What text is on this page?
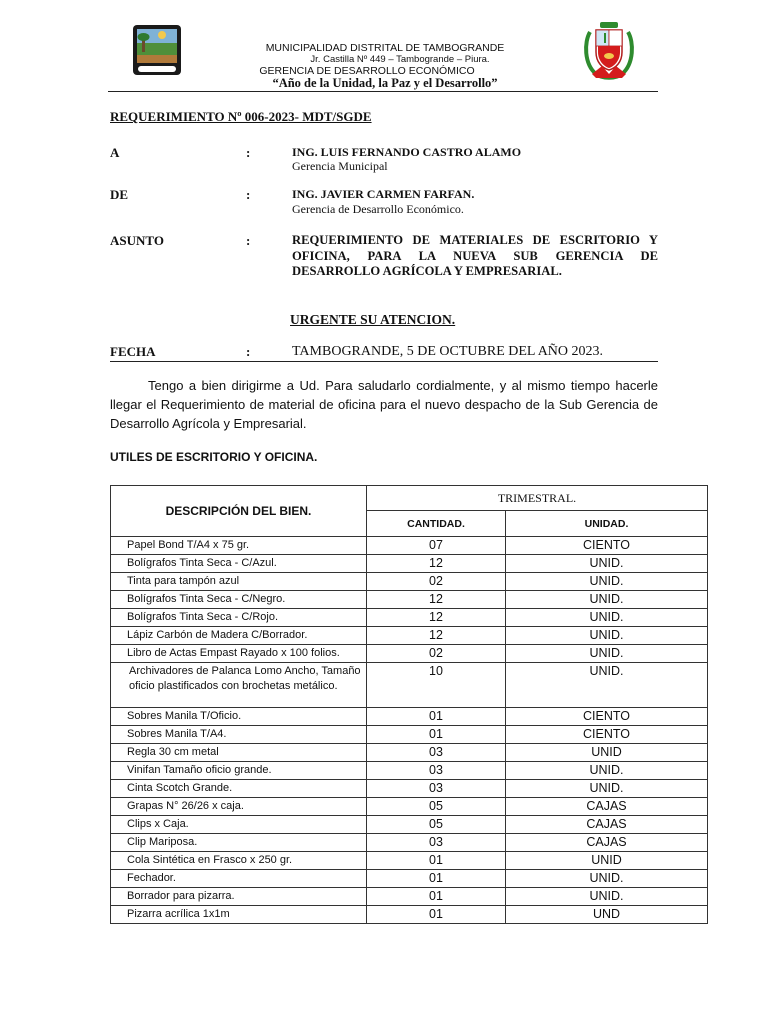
MUNICIPALIDAD DISTRITAL DE TAMBOGRANDE
Jr. Castilla Nº 449 – Tambogrande – Piura.
GERENCIA DE DESARROLLO ECONÓMICO
“Año de la Unidad, la Paz y el Desarrollo”
REQUERIMIENTO Nº 006-2023- MDT/SGDE
A	:	ING. LUIS FERNANDO CASTRO ALAMO
Gerencia Municipal
DE	:	ING. JAVIER CARMEN FARFAN.
Gerencia de Desarrollo Económico.
ASUNTO	:	REQUERIMIENTO DE MATERIALES DE ESCRITORIO Y OFICINA, PARA LA NUEVA SUB GERENCIA DE DESARROLLO AGRÍCOLA Y EMPRESARIAL.
URGENTE SU ATENCION.
FECHA	:	TAMBOGRANDE, 5 DE OCTUBRE DEL AÑO 2023.
Tengo a bien dirigirme a Ud. Para saludarlo cordialmente, y al mismo tiempo hacerle llegar el Requerimiento de material de oficina para el nuevo despacho de la Sub Gerencia de Desarrollo Agrícola y Empresarial.
UTILES DE ESCRITORIO Y OFICINA.
DESCRIPCIÓN DEL BIEN.	TRIMESTRAL.	
	CANTIDAD.	UNIDAD.
Papel Bond T/A4 x 75 gr.	07	CIENTO
Bolígrafos Tinta Seca - C/Azul.	12	UNID.
Tinta para tampón azul	02	UNID.
Bolígrafos Tinta Seca - C/Negro.	12	UNID.
Bolígrafos Tinta Seca - C/Rojo.	12	UNID.
Lápiz Carbón de Madera C/Borrador.	12	UNID.
Libro de Actas Empast Rayado x 100 folios.	02	UNID.
Archivadores de Palanca Lomo Ancho, Tamaño oficio plastificados con brochetas metálico.	10	UNID.
Sobres Manila T/Oficio.	01	CIENTO
Sobres Manila T/A4.	01	CIENTO
Regla 30 cm metal	03	UNID
Vinifan Tamaño oficio grande.	03	UNID.
Cinta Scotch Grande.	03	UNID.
Grapas N° 26/26 x caja.	05	CAJAS
Clips x Caja.	05	CAJAS
Clip Mariposa.	03	CAJAS
Cola Sintética en Frasco x 250 gr.	01	UNID
Fechador.	01	UNID.
Borrador para pizarra.	01	UNID.
Pizarra acrílica 1x1m	01	UND
